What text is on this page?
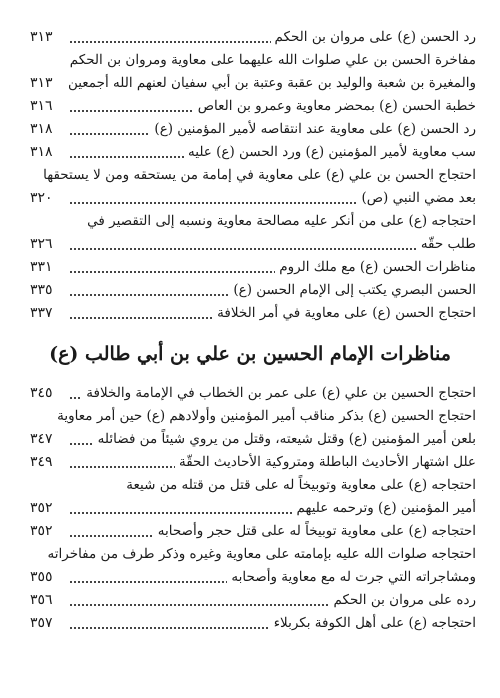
رد الحسن (ع) على مروان بن الحكم
٣١٣
مفاخرة الحسن بن علي صلوات الله عليهما على معاوية ومروان بن الحكم
والمغيرة بن شعبة والوليد بن عقبة وعتبة بن أبي سفيان لعنهم الله أجمعين
٣١٣
خطبة الحسن (ع) بمحضر معاوية وعمرو بن العاص
٣١٦
رد الحسن (ع) على معاوية عند انتقاصه لأمير المؤمنين (ع)
٣١٨
سب معاوية لأمير المؤمنين (ع) ورد الحسن (ع) عليه
٣١٨
احتجاج الحسن بن علي (ع) على معاوية في إمامة من يستحقه ومن لا يستحقها
بعد مضي النبي (ص)
٣٢٠
احتجاجه (ع) على من أنكر عليه مصالحة معاوية ونسبه إلى التقصير في
طلب حقّه
٣٢٦
مناظرات الحسن (ع) مع ملك الروم
٣٣١
الحسن البصري يكتب إلى الإمام الحسن (ع)
٣٣٥
احتجاج الحسن (ع) على معاوية في أمر الخلافة
٣٣٧
مناظرات الإمام الحسين بن علي بن أبي طالب (ع)
احتجاج الحسين بن علي (ع) على عمر بن الخطاب في الإمامة والخلافة
٣٤٥
احتجاج الحسين (ع) بذكر مناقب أمير المؤمنين وأولادهم (ع) حين أمر معاوية
بلعن أمير المؤمنين (ع) وقتل شيعته، وقتل من يروي شيئاً من فضائله
٣٤٧
علل اشتهار الأحاديث الباطلة ومتروكية الأحاديث الحقّة
٣٤٩
احتجاجه (ع) على معاوية وتوبيخاً له على قتل من قتله من شيعة
أمير المؤمنين (ع) وترحمه عليهم
٣٥٢
احتجاجه (ع) على معاوية توبيخاً له على قتل حجر وأصحابه
٣٥٢
احتجاجه صلوات الله عليه بإمامته على معاوية وغيره وذكر طرف من مفاخراته
ومشاجراته التي جرت له مع معاوية وأصحابه
٣٥٥
رده على مروان بن الحكم
٣٥٦
احتجاجه (ع) على أهل الكوفة بكربلاء
٣٥٧
